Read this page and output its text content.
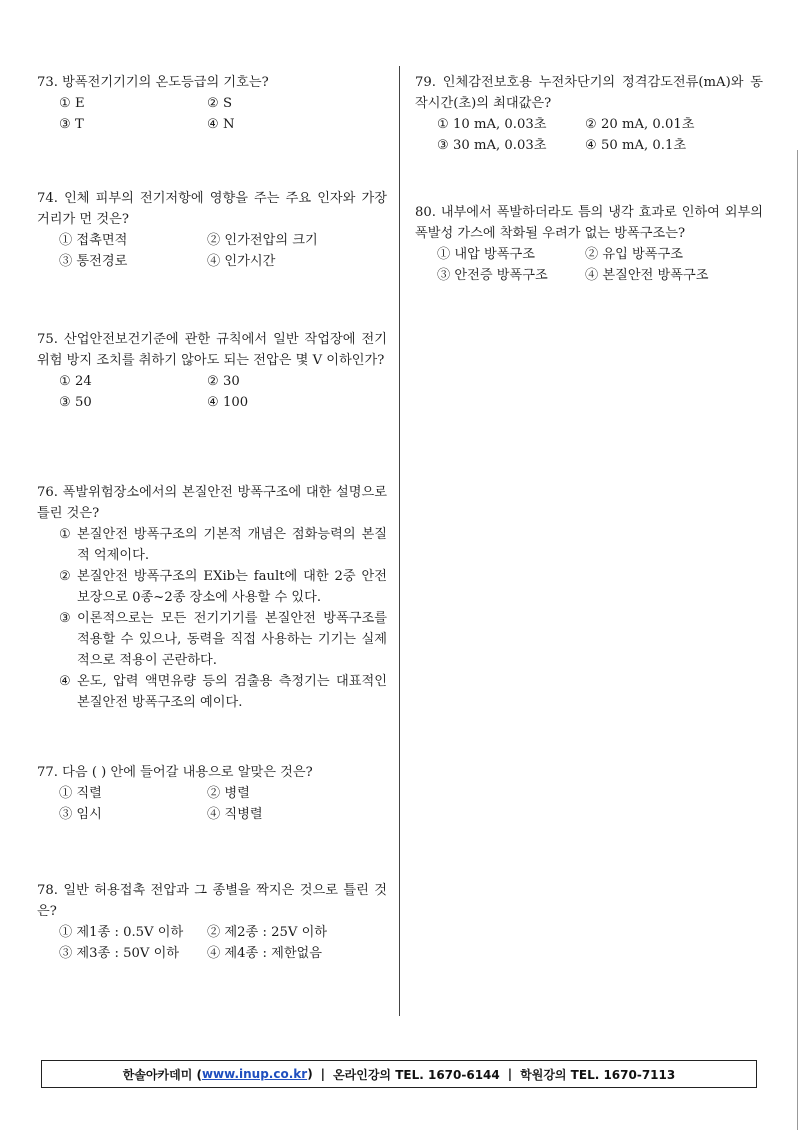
73. 방폭전기기기의 온도등급의 기호는?
① E	② S
③ T	④ N
74. 인체 피부의 전기저항에 영향을 주는 주요 인자와 가장 거리가 먼 것은?
① 접촉면적	② 인가전압의 크기
③ 통전경로	④ 인가시간
75. 산업안전보건기준에 관한 규칙에서 일반 작업장에 전기위험 방지 조치를 취하기 않아도 되는 전압은 몇 V 이하인가?
① 24	② 30
③ 50	④ 100
76. 폭발위험장소에서의 본질안전 방폭구조에 대한 설명으로 틀린 것은?
① 본질안전 방폭구조의 기본적 개념은 점화능력의 본질적 억제이다.
② 본질안전 방폭구조의 EXib는 fault에 대한 2중 안전 보장으로 0종~2종 장소에 사용할 수 있다.
③ 이론적으로는 모든 전기기기를 본질안전 방폭구조를 적용할 수 있으나, 동력을 직접 사용하는 기기는 실제적으로 적용이 곤란하다.
④ 온도, 압력 액면유량 등의 검출용 측정기는 대표적인 본질안전 방폭구조의 예이다.
77. 다음 ( ) 안에 들어갈 내용으로 알맞은 것은?
① 직렬	② 병렬
③ 임시	④ 직병렬
78. 일반 허용접촉 전압과 그 종별을 짝지은 것으로 틀린 것은?
① 제1종 : 0.5V 이하	② 제2종 : 25V 이하
③ 제3종 : 50V 이하	④ 제4종 : 제한없음
79. 인체감전보호용 누전차단기의 정격감도전류(mA)와 동작시간(초)의 최대값은?
① 10 mA, 0.03초	② 20 mA, 0.01초
③ 30 mA, 0.03초	④ 50 mA, 0.1초
80. 내부에서 폭발하더라도 틈의 냉각 효과로 인하여 외부의 폭발성 가스에 착화될 우려가 없는 방폭구조는?
① 내압 방폭구조	② 유입 방폭구조
③ 안전증 방폭구조	④ 본질안전 방폭구조
한솔아카데미 ( www.inup.co.kr ) | 온라인강의 TEL. 1670-6144 | 학원강의 TEL. 1670-7113
